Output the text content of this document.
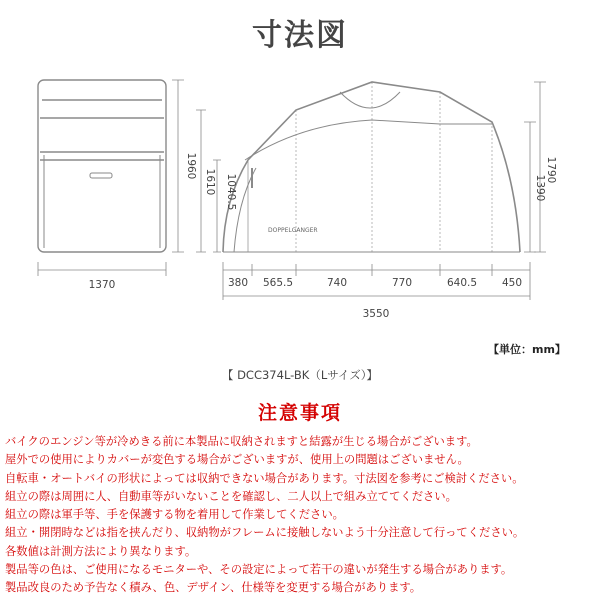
寸法図
1370
1960
DOPPELGANGER
1610 1040.5
1790
1390
380 565.5	740	770	640.5 450
3550
【単位：mm】
【 DCC374L-BK（Lサイズ）】
注意事項
バイクのエンジン等が冷めきる前に本製品に収納されますと結露が生じる場合がございます。
屋外での使用によりカバーが変色する場合がございますが、使用上の問題はございません。
自転車・オートバイの形状によっては収納できない場合があります。寸法図を参考にご検討ください。
組立の際は周囲に人、自動車等がいないことを確認し、二人以上で組み立ててください。
組立の際は軍手等、手を保護する物を着用して作業してください。
組立・開閉時などは指を挟んだり、収納物がフレームに接触しないよう十分注意して行ってください。
各数値は計測方法により異なります。
製品等の色は、ご使用になるモニターや、その設定によって若干の違いが発生する場合があります。
製品改良のため予告なく積み、色、デザイン、仕様等を変更する場合があります。
